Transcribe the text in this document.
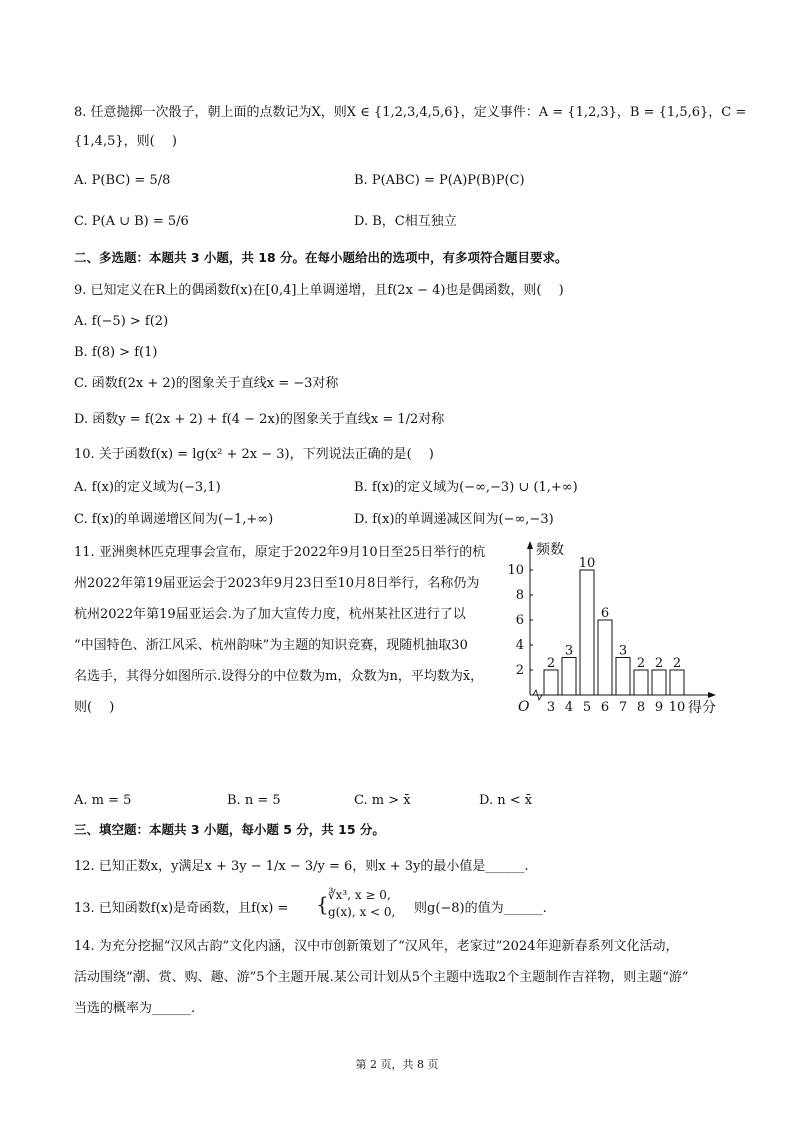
8. 任意抛掷一次骰子，朝上面的点数记为X，则X ∈ {1,2,3,4,5,6}，定义事件：A = {1,2,3}，B = {1,5,6}，C =
{1,4,5}，则(　 )
A. P(BC) = 5/8	B. P(ABC) = P(A)P(B)P(C)
C. P(A ∪ B) = 5/6	D. B，C相互独立
二、多选题：本题共 3 小题，共 18 分。在每小题给出的选项中，有多项符合题目要求。
9. 已知定义在R上的偶函数f(x)在[0,4]上单调递增，且f(2x − 4)也是偶函数，则(　 )
A. f(−5) > f(2)
B. f(8) > f(1)
C. 函数f(2x + 2)的图象关于直线x = −3对称
D. 函数y = f(2x + 2) + f(4 − 2x)的图象关于直线x = 1/2对称
10. 关于函数f(x) = lg(x² + 2x − 3)，下列说法正确的是(　 )
A. f(x)的定义域为(−3,1)	B. f(x)的定义域为(−∞,−3) ∪ (1,+∞)
C. f(x)的单调递增区间为(−1,+∞)	D. f(x)的单调递减区间为(−∞,−3)
11. 亚洲奥林匹克理事会宣布，原定于2022年9月10日至25日举行的杭
州2022年第19届亚运会于2023年9月23日至10月8日举行，名称仍为
杭州2022年第19届亚运会.为了加大宣传力度，杭州某社区进行了以
“中国特色、浙江风采、杭州韵味”为主题的知识竞赛，现随机抽取30
名选手，其得分如图所示.设得分的中位数为m，众数为n，平均数为x̄，
则(　 )
2
3
3
4
10
5
6
6
3
7
2
8
2
9
2
10
2
4
6
8
10
频数
得分
O
A. m = 5	B. n = 5	C. m > x̄	D. n < x̄
三、填空题：本题共 3 小题，每小题 5 分，共 15 分。
12. 已知正数x，y满足x + 3y − 1/x − 3/y = 6，则x + 3y的最小值是______.
13. 已知函数f(x)是奇函数，且f(x) = { ∛x³, x ≥ 0,
g(x), x < 0, 则g(−8)的值为______.
14. 为充分挖掘“汉风古韵”文化内涵，汉中市创新策划了“汉风年，老家过”2024年迎新春系列文化活动，
活动围绕“潮、赏、购、趣、游”5个主题开展.某公司计划从5个主题中选取2个主题制作吉祥物，则主题“游”
当选的概率为______.
第 2 页，共 8 页
